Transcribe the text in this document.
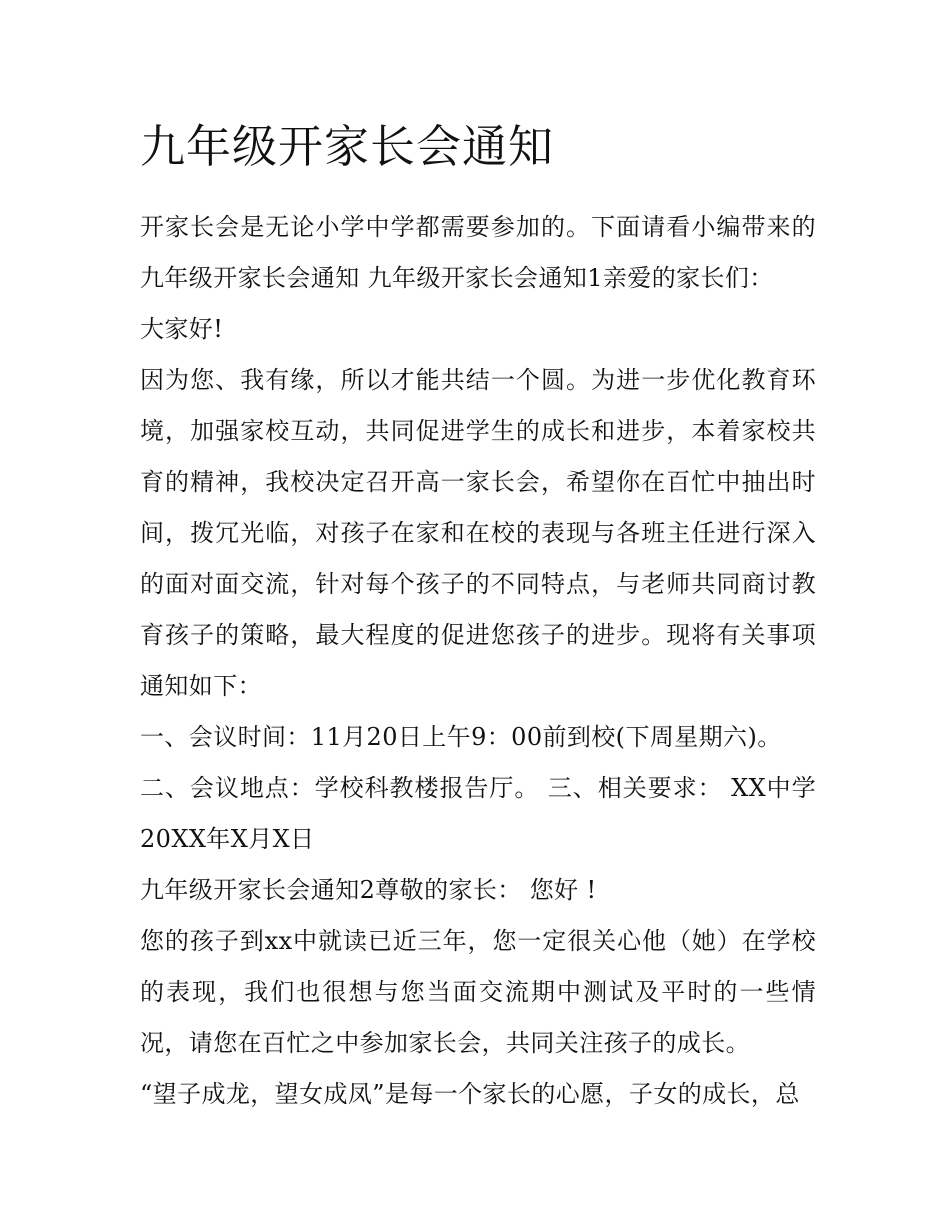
九年级开家长会通知

开家长会是无论小学中学都需要参加的。下面请看小编带来的九年级开家长会通知 九年级开家长会通知1亲爱的家长们：

大家好!

因为您、我有缘，所以才能共结一个圆。为进一步优化教育环境，加强家校互动，共同促进学生的成长和进步，本着家校共育的精神，我校决定召开高一家长会，希望你在百忙中抽出时间，拨冗光临，对孩子在家和在校的表现与各班主任进行深入的面对面交流，针对每个孩子的不同特点，与老师共同商讨教育孩子的策略，最大程度的促进您孩子的进步。现将有关事项通知如下：

一、会议时间：11月20日上午9：00前到校(下周星期六)。

二、会议地点：学校科教楼报告厅。 三、相关要求： XX中学20XX年X月X日

九年级开家长会通知2尊敬的家长： 您好 !

您的孩子到xx中就读已近三年，您一定很关心他（她）在学校的表现，我们也很想与您当面交流期中测试及平时的一些情况，请您在百忙之中参加家长会，共同关注孩子的成长。

“望子成龙，望女成凤”是每一个家长的心愿，子女的成长，总
